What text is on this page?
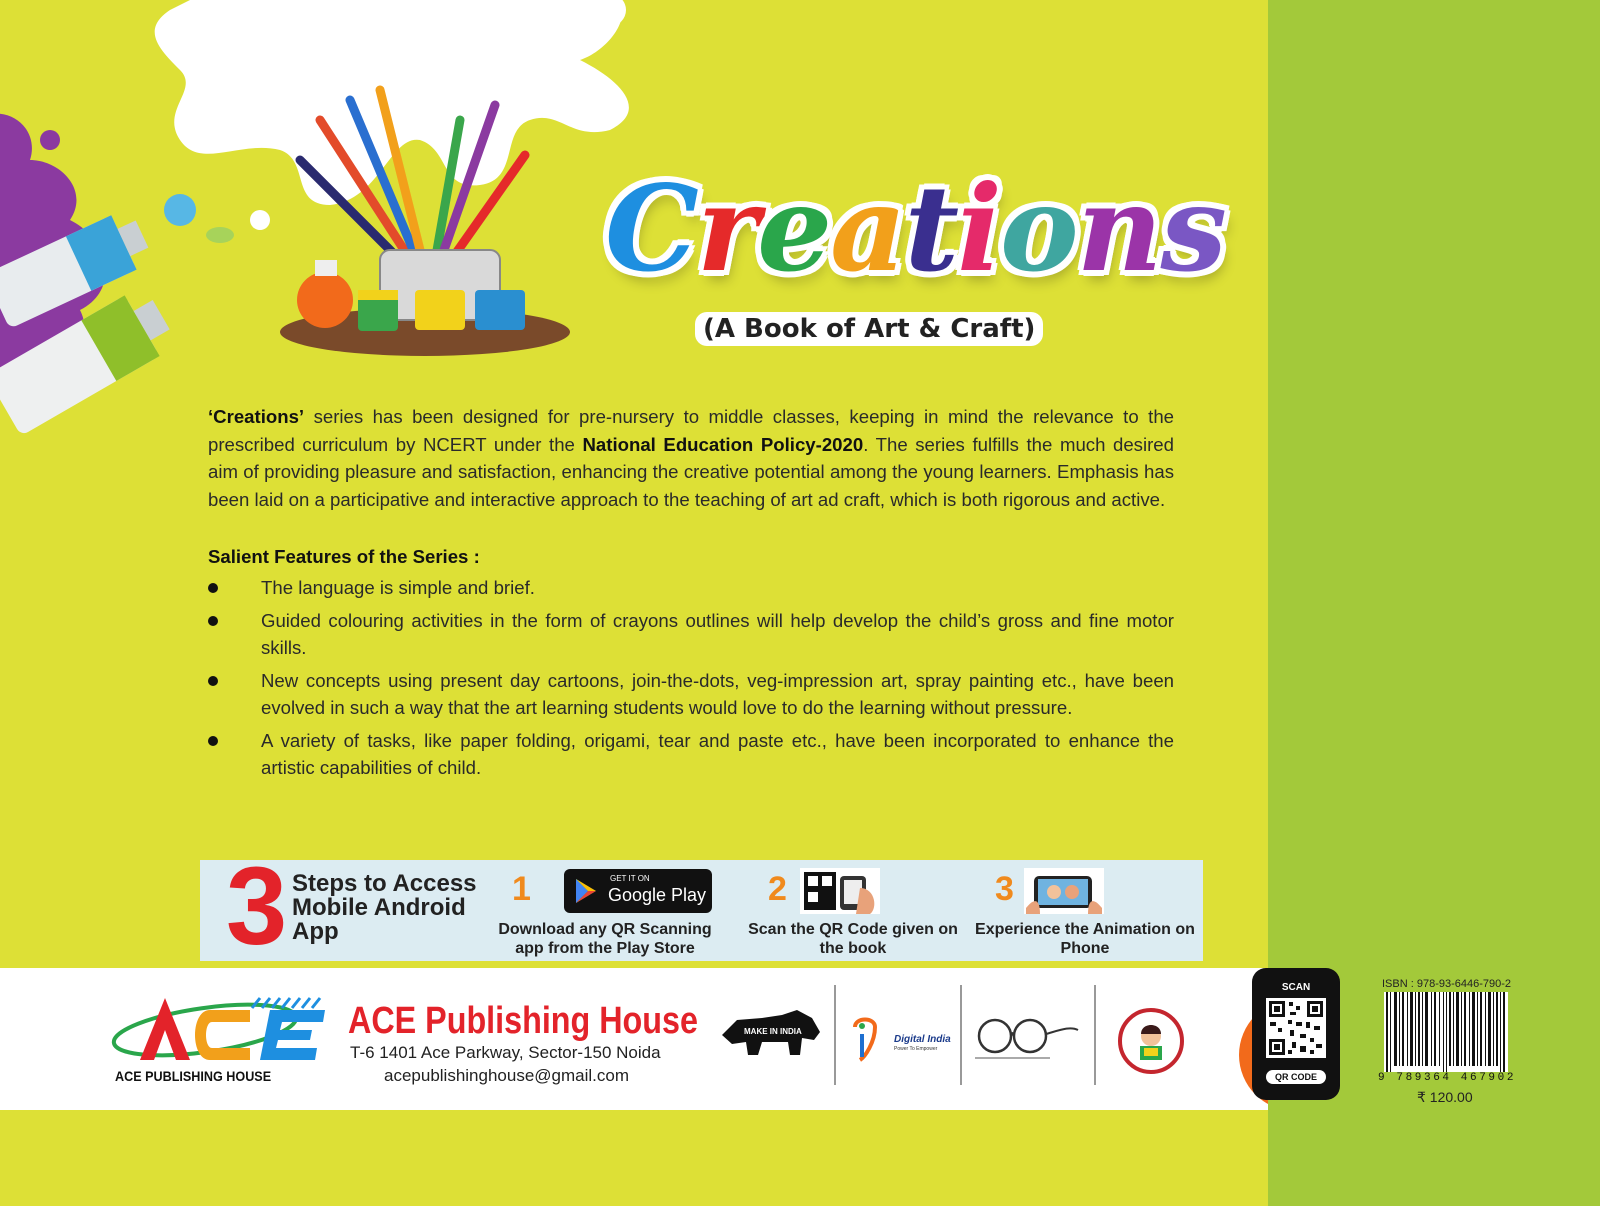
Creations
(A Book of Art & Craft)
‘Creations’ series has been designed for pre-nursery to middle classes, keeping in mind the relevance to the prescribed curriculum by NCERT under the National Education Policy-2020. The series fulfills the much desired aim of providing pleasure and satisfaction, enhancing the creative potential among the young learners. Emphasis has been laid on a participative and interactive approach to the teaching of art ad craft, which is both rigorous and active.
Salient Features of the Series :
The language is simple and brief.
Guided colouring activities in the form of crayons outlines will help develop the child’s gross and fine motor skills.
New concepts using present day cartoons, join-the-dots, veg-impression art, spray painting etc., have been evolved in such a way that the art learning students would love to do the learning without pressure.
A variety of tasks, like paper folding, origami, tear and paste etc., have been incorporated to enhance the artistic capabilities of child.
3 Steps to Access Mobile Android App
1	GET IT ON
Google Play
Download any QR Scanning app from the Play Store
2
Scan the QR Code given on the book
3
Experience the Animation on Phone
ACE PUBLISHING HOUSE
ACE Publishing House
T-6 1401 Ace Parkway, Sector-150 Noida
acepublishinghouse@gmail.com
MAKE IN INDIA
Digital India
Power To Empower
SCAN
QR CODE
ISBN : 978-93-6446-790-2
9 789364 467902
₹ 120.00
